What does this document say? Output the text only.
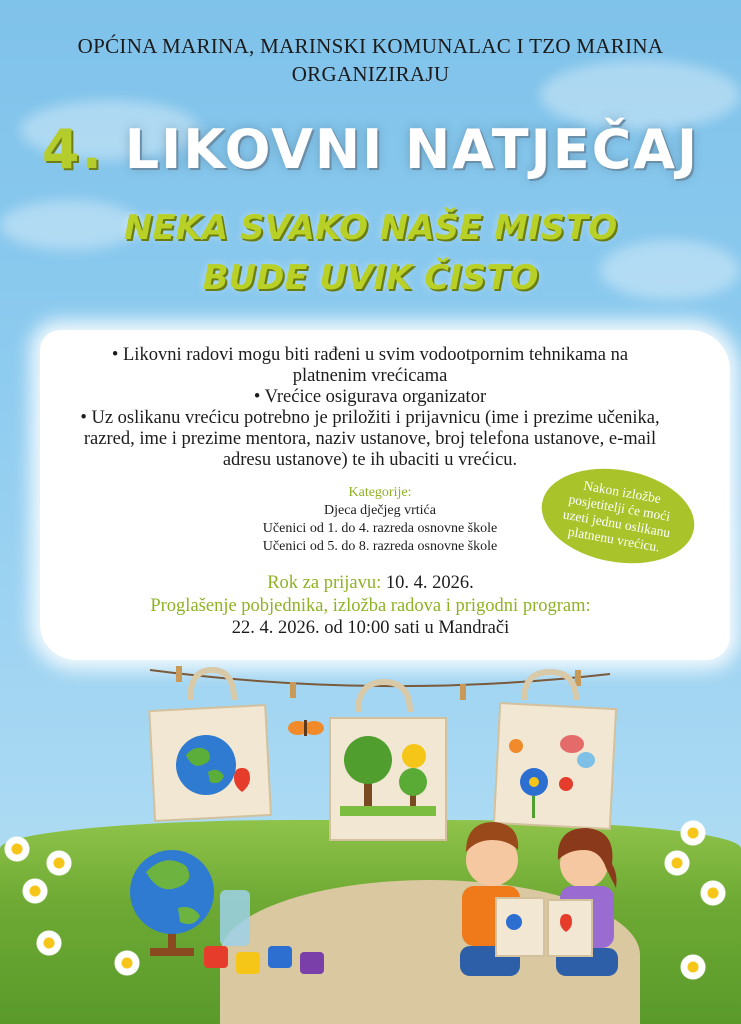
OPĆINA MARINA, MARINSKI KOMUNALAC I TZO MARINA
ORGANIZIRAJU
4. LIKOVNI NATJEČAJ
NEKA SVAKO NAŠE MISTO
BUDE UVIK ČISTO

• Likovni radovi mogu biti rađeni u svim vodootpornim tehnikama na

platnenim vrećicama

• Vrećice osigurava organizator

• Uz oslikanu vrećicu potrebno je priložiti i prijavnicu (ime i prezime učenika,

razred, ime i prezime mentora, naziv ustanove, broj telefona ustanove, e-mail

adresu ustanove) te ih ubaciti u vrećicu.

Kategorije:
Djeca dječjeg vrtića
Učenici od 1. do 4. razreda osnovne škole
Učenici od 5. do 8. razreda osnovne škole
Rok za prijavu: 10. 4. 2026.
Proglašenje pobjednika, izložba radova i prigodni program:
22. 4. 2026. od 10:00 sati u Mandrači
Nakon izložbe posjetitelji će moći uzeti jednu oslikanu platnenu vrećicu.
